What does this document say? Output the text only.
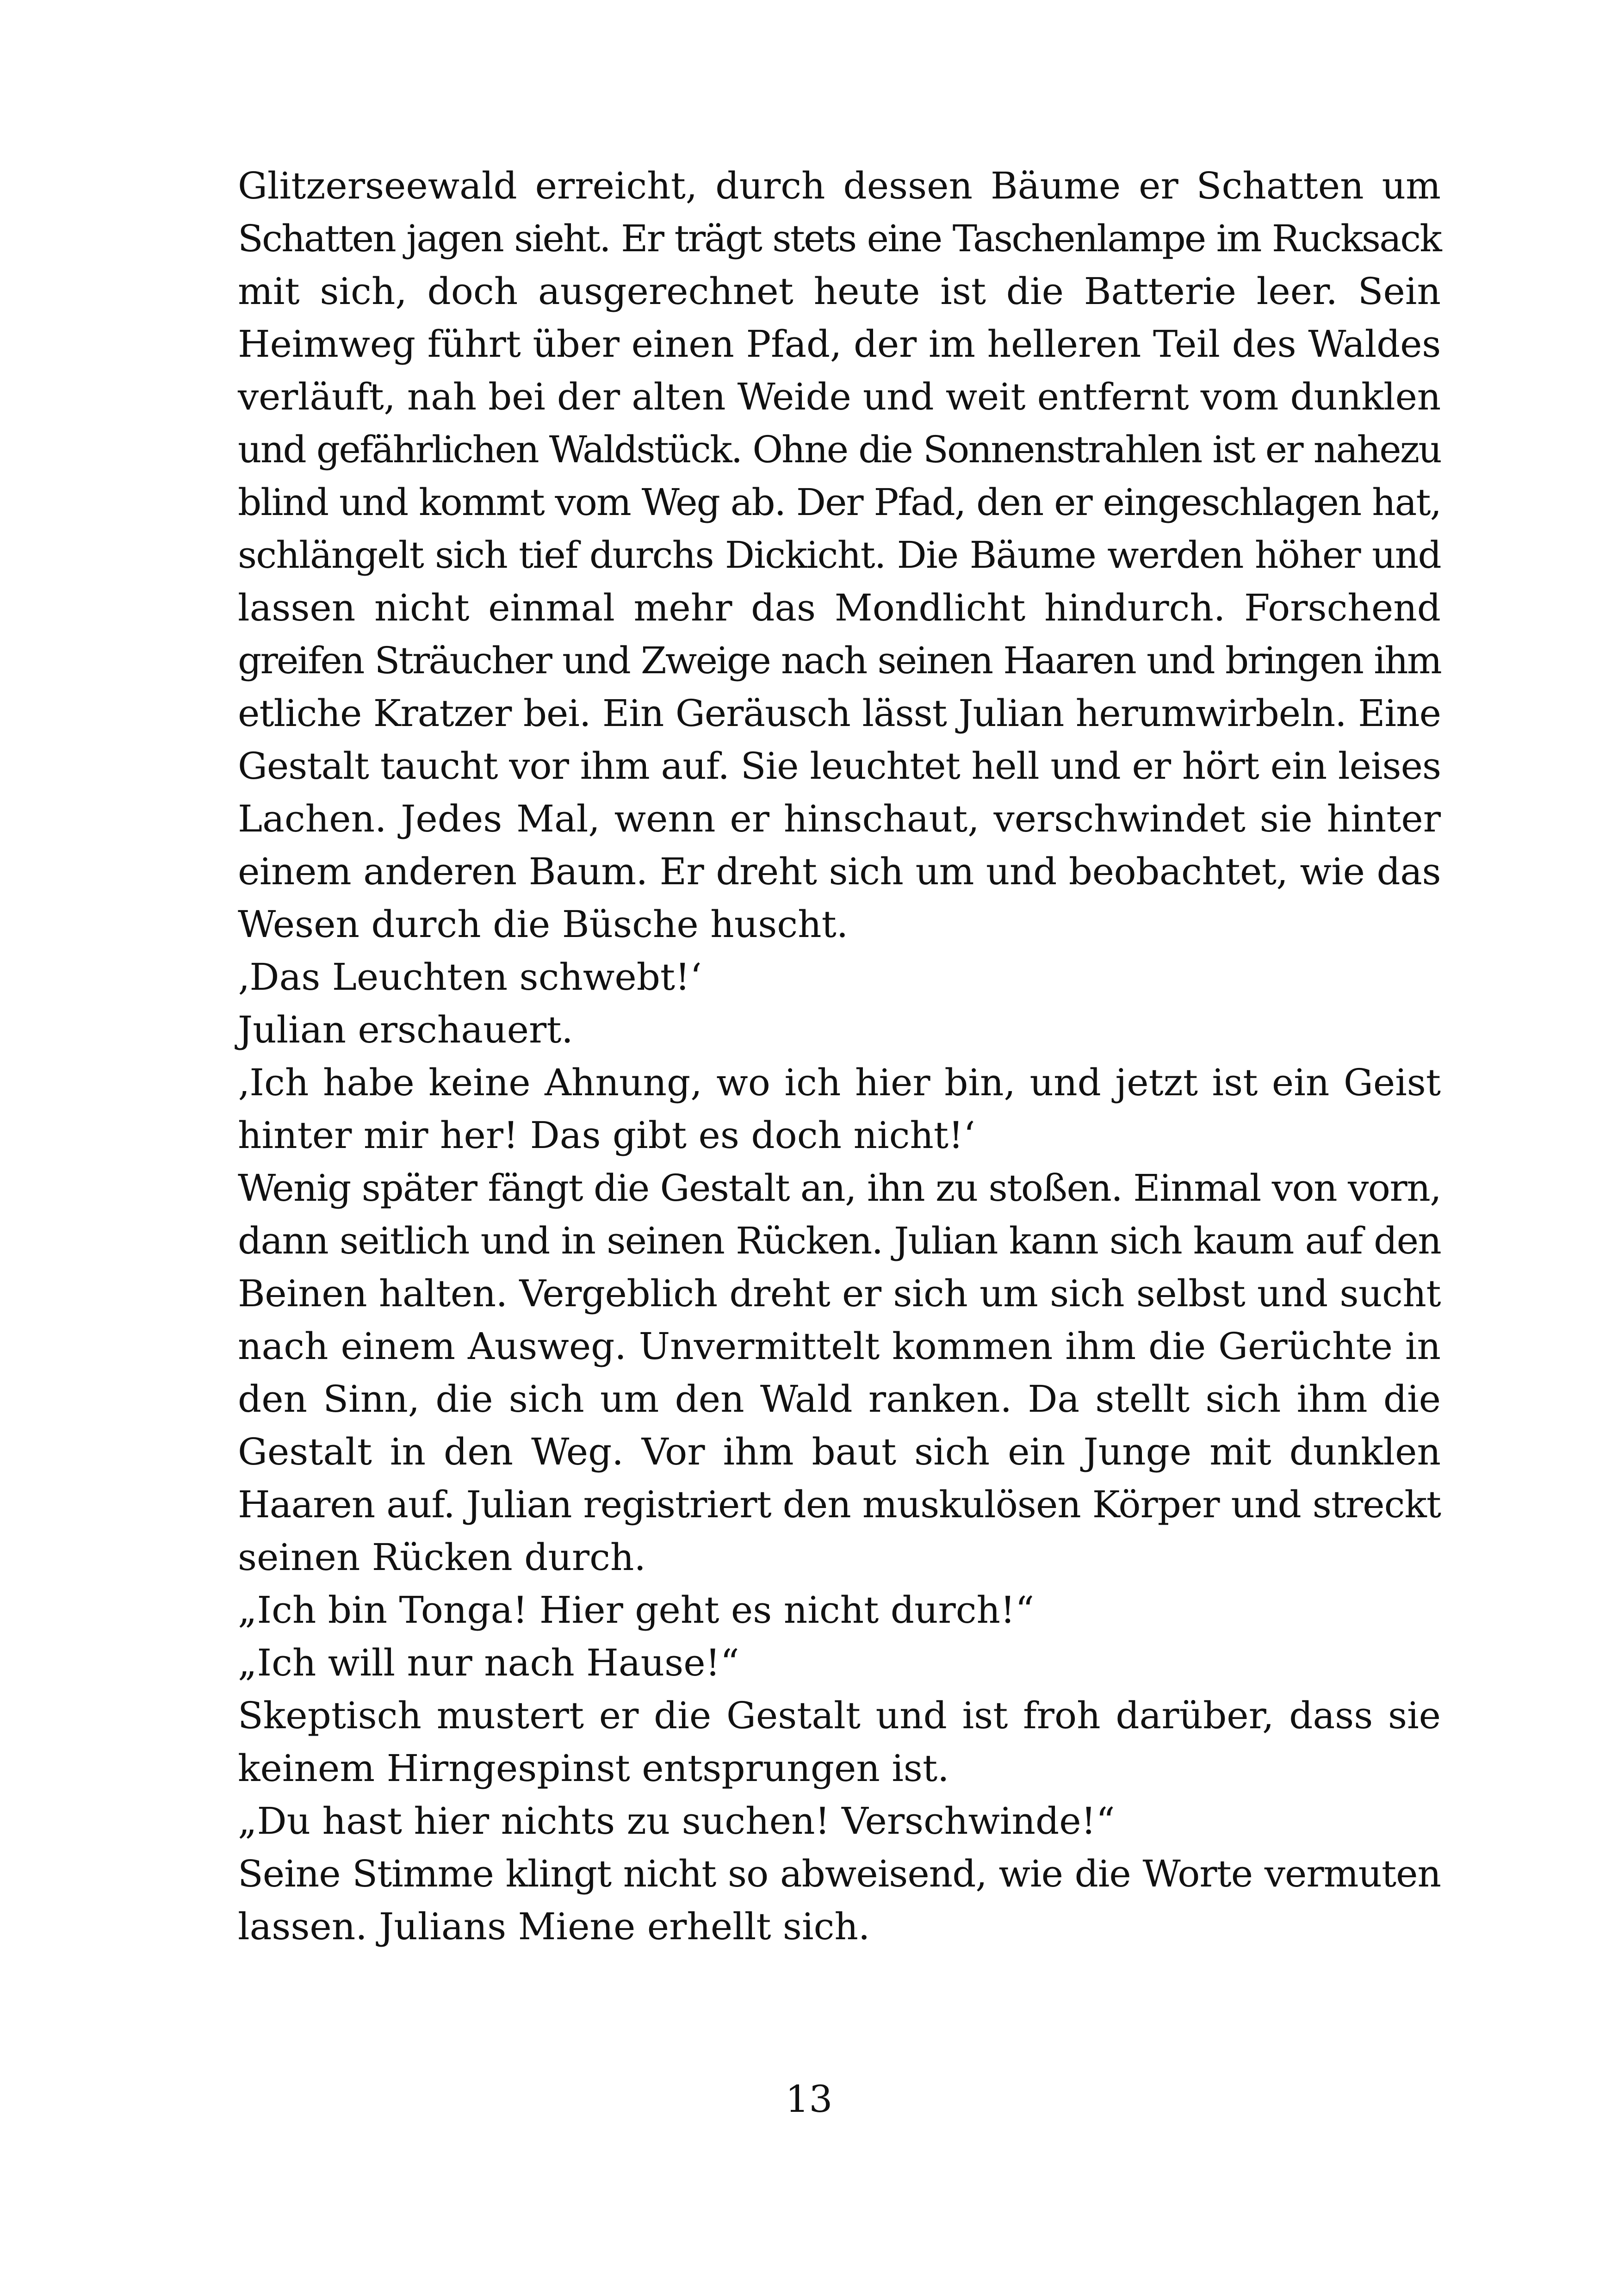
Glitzerseewald erreicht, durch dessen Bäume er Schatten um
Schatten jagen sieht. Er trägt stets eine Taschenlampe im Rucksack
mit sich, doch ausgerechnet heute ist die Batterie leer. Sein
Heimweg führt über einen Pfad, der im helleren Teil des Waldes
verläuft, nah bei der alten Weide und weit entfernt vom dunklen
und gefährlichen Waldstück. Ohne die Sonnenstrahlen ist er nahezu
blind und kommt vom Weg ab. Der Pfad, den er eingeschlagen hat,
schlängelt sich tief durchs Dickicht. Die Bäume werden höher und
lassen nicht einmal mehr das Mondlicht hindurch. Forschend
greifen Sträucher und Zweige nach seinen Haaren und bringen ihm
etliche Kratzer bei. Ein Geräusch lässt Julian herumwirbeln. Eine
Gestalt taucht vor ihm auf. Sie leuchtet hell und er hört ein leises
Lachen. Jedes Mal, wenn er hinschaut, verschwindet sie hinter
einem anderen Baum. Er dreht sich um und beobachtet, wie das
Wesen durch die Büsche huscht.
‚Das Leuchten schwebt!‘
Julian erschauert.
‚Ich habe keine Ahnung, wo ich hier bin, und jetzt ist ein Geist
hinter mir her! Das gibt es doch nicht!‘
Wenig später fängt die Gestalt an, ihn zu stoßen. Einmal von vorn,
dann seitlich und in seinen Rücken. Julian kann sich kaum auf den
Beinen halten. Vergeblich dreht er sich um sich selbst und sucht
nach einem Ausweg. Unvermittelt kommen ihm die Gerüchte in
den Sinn, die sich um den Wald ranken. Da stellt sich ihm die
Gestalt in den Weg. Vor ihm baut sich ein Junge mit dunklen
Haaren auf. Julian registriert den muskulösen Körper und streckt
seinen Rücken durch.
„Ich bin Tonga! Hier geht es nicht durch!“
„Ich will nur nach Hause!“
Skeptisch mustert er die Gestalt und ist froh darüber, dass sie
keinem Hirngespinst entsprungen ist.
„Du hast hier nichts zu suchen! Verschwinde!“
Seine Stimme klingt nicht so abweisend, wie die Worte vermuten
lassen. Julians Miene erhellt sich.
13
